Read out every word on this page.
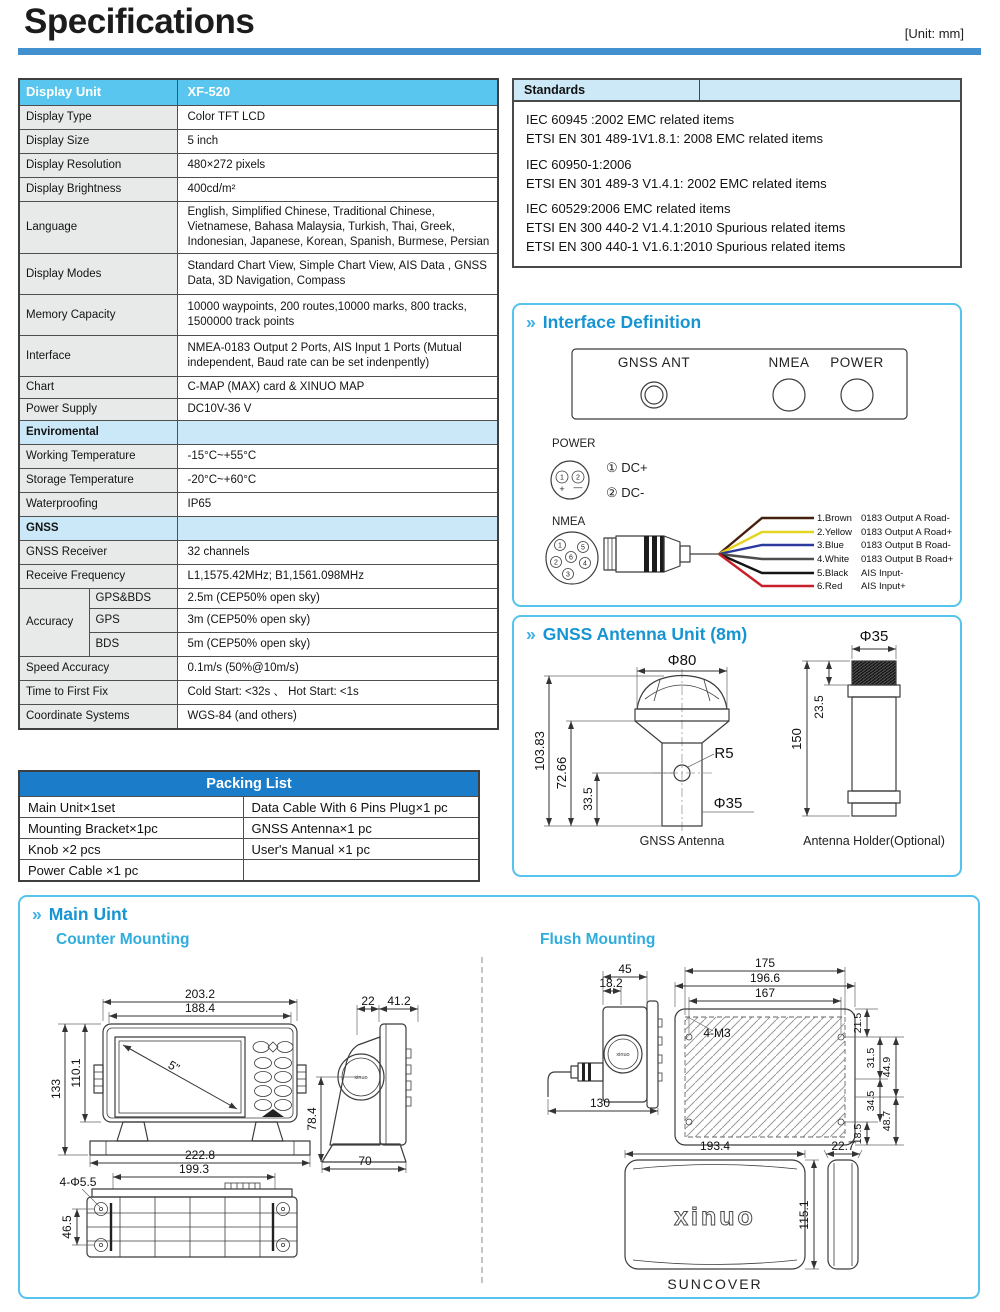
Specifications	[Unit: mm]
Display Unit		XF-520
Display Type		Color TFT LCD
Display Size		5 inch
Display Resolution		480×272 pixels
Display Brightness		400cd/m²
Language		English, Simplified Chinese, Traditional Chinese, Vietnamese, Bahasa Malaysia, Turkish, Thai, Greek, Indonesian, Japanese, Korean, Spanish, Burmese, Persian
Display Modes		Standard Chart View, Simple Chart View, AIS Data , GNSS Data, 3D Navigation, Compass
Memory Capacity		10000 waypoints, 200 routes,10000 marks, 800 tracks, 1500000 track points
Interface		NMEA-0183 Output 2 Ports, AIS Input 1 Ports (Mutual independent, Baud rate can be set indenpently)
Chart		C-MAP (MAX) card & XINUO MAP
Power Supply		DC10V-36 V
Enviromental		
Working Temperature		-15°C~+55°C
Storage Temperature		-20°C~+60°C
Waterproofing		IP65
GNSS		
GNSS Receiver		32 channels
Receive Frequency		L1,1575.42MHz; B1,1561.098MHz
Accuracy	GPS&BDS	2.5m (CEP50% open sky)
	GPS	3m (CEP50% open sky)
	BDS	5m (CEP50% open sky)
Speed Accuracy		0.1m/s (50%@10m/s)
Time to First Fix		Cold Start: <32s 、 Hot Start: <1s
Coordinate Systems		WGS-84 (and others)
Packing List	
Main Unit×1set	Data Cable With 6 Pins Plug×1 pc
Mounting Bracket×1pc	GNSS Antenna×1 pc
Knob ×2 pcs	User's Manual ×1 pc
Power Cable ×1 pc	
Standards
IEC 60945 :2002 EMC related items
ETSI EN 301 489-1V1.8.1: 2008 EMC related items
IEC 60950-1:2006
ETSI EN 301 489-3 V1.4.1: 2002 EMC related items
IEC 60529:2006 EMC related items
ETSI EN 300 440-2 V1.4.1:2010 Spurious related items
ETSI EN 300 440-1 V1.6.1:2010 Spurious related items
» Interface Definition
GNSS ANT	NMEA POWER
POWER
1 2
+ —
① DC+
② DC-
NMEA
1	5
2
6
4
3
1.Brown 0183 Output A Road-
2.Yellow 0183 Output A Road+
3.Blue 0183 Output B Road-
4.White 0183 Output B Road+
5.Black AIS Input-
6.Red AIS Input+
» GNSS Antenna Unit (8m)
Φ80
103.83
72.66
33.5
R5
Φ35
GNSS Antenna
Φ35
23.5
150
Antenna Holder(Optional)
» Main Uint
Counter Mounting	Flush Mounting
203.2
188.4
5"
133
110.1
222.8
22 41.2
xinuo
78.4
70
199.3
4-Φ5.5
46.5
45
18.2
xinuo
130
175
196.6
167
4-M3	21.5
31.5 44.9
34.5
48.7
18.5
193.4
xinuo	115.1
22.7
SUNCOVER
